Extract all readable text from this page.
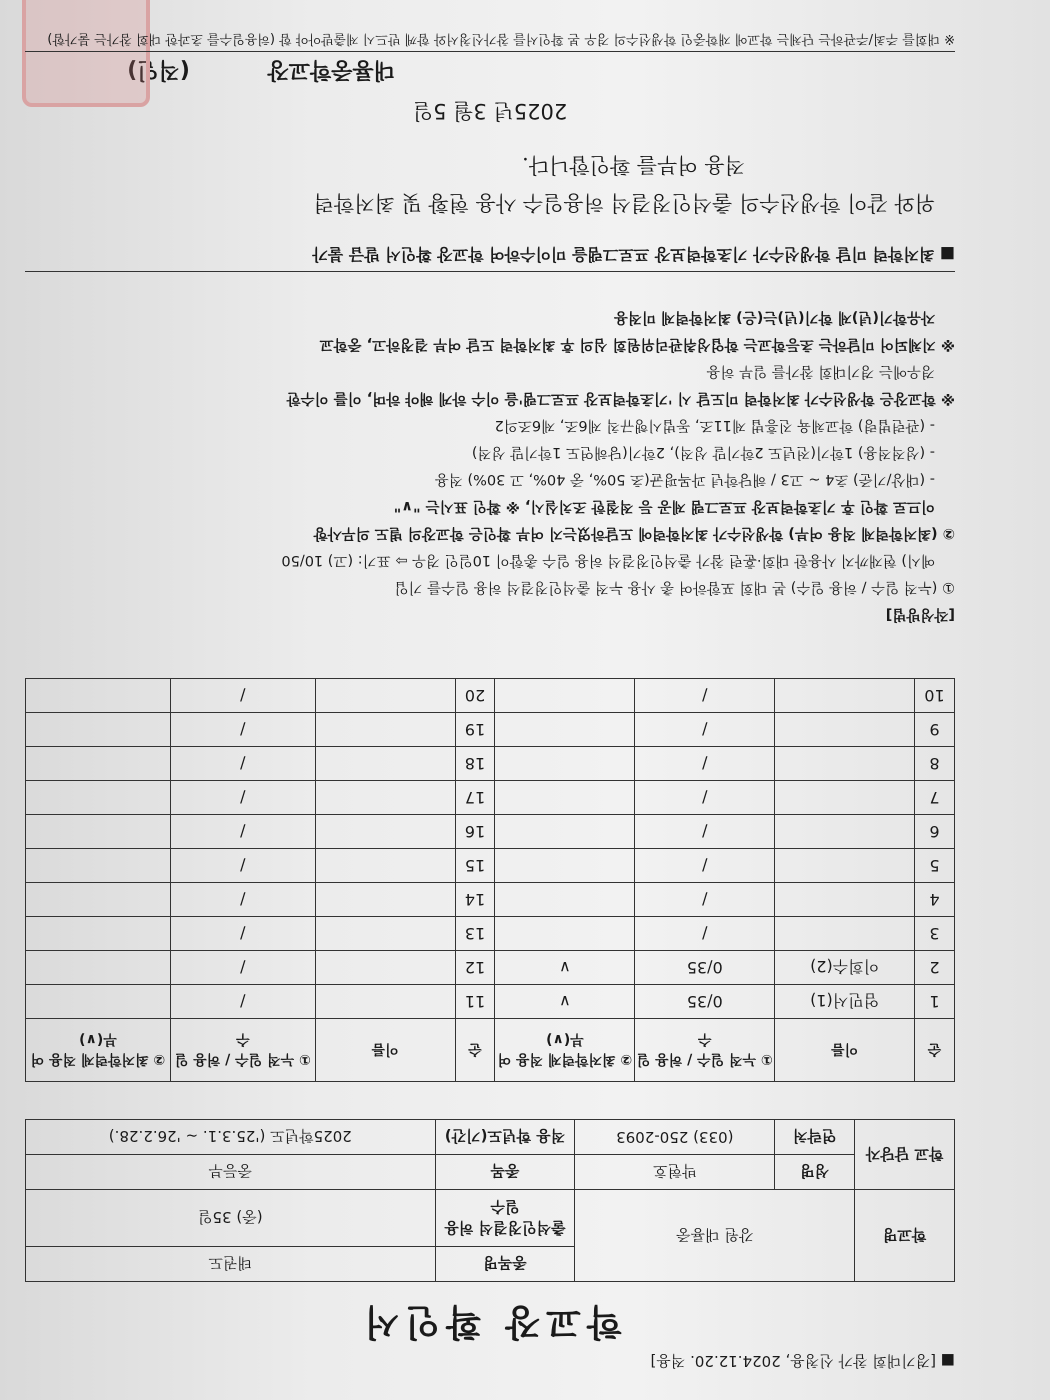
■ [경기대회 참가 신청용, 2024.12.20. 적용]
학교장 확인서
학교명	강원 대룡중		종목명	태권도
			출석인정결석 허용 일수	(중) 35일
학교 담당자	성명	박현호	종목	중등부
	연락처	(033) 250-2093	적용 학년도(기간)	2025학년도 ('25.3.1. ~ '26.2.28.)
순	이름	① 누적 일수 / 허용 일수	② 최저학력제 적용 여부(∨)	순	이름	① 누적 일수 / 허용 일수	② 최저학력제 적용 여부(∨)
1	엄민서(1)	0/35	∨	11		/	
2	이희수(2)	0/35	∨	12		/	
3		/		13		/	
4		/		14		/	
5		/		15		/	
6		/		16		/	
7		/		17		/	
8		/		18		/	
9		/		19		/	
10		/		20		/	

[작성방법]

① (누적 일수 / 허용 일수) 본 대회 포함하여 총 사용 누적 출석인정결석 허용 일수를 기입

예시) 현재까지 사용한 대회·훈련 참가 출석인정결석 허용 일수 총합이 10일인 경우 ⇨ 표기: (고) 10/50

② (최저학력제 적용 여부) 학생선수가 최저학력에 도달하였는지 여부 확인은 학교장의 별도 의무사항

이므로 확인 후 기초학력보장 프로그램 제공 등 적절한 조치실시, ※ 확인 표시는 "∨"

- (대상/기준) 초4 ~ 고3 / 해당학년 과목평균(초 50%, 중 40%, 고 30%) 적용

- (성적적용) 1학기(전년도 2학기말 성적), 2학기(당해연도 1학기말 성적)

- (관련법령) 학교체육 진흥법 제11조, 동법시행규칙 제6조, 제6조의2

※ 학교장은 학생선수가 최저학력 미도달 시 '기초학력보장 프로그램'을 이수 하게 해야 하며, 이를 이수한

경우에는 경기대회 참가를 일부 허용

※ 지체되어 미달하는 초등학교는 학업성취관리위원회 심의 후 최저학력 도달 여부 결정하고, 중학교

자유학기(년)제 학기(년)는(은) 최저학력제 미적용

■ 최저학력 미달 학생선수가 기초학력보장 프로그램을 미이수하여 학교장 확인서 발급 불가
위와 같이 학생선수의 출석인정결석 허용일수 사용 현황 및 최저학력
적용 여부를 확인합니다.
2025년 3월 5일
대룡중학교장 (직인)
※ 대회를 주최/주관하는 단체는 학교에 재학중인 학생선수의 경우 본 확인서를 참가신청서와 함께 반드시 제출받아야 함 (허용일수를 초과한 대회 참가는 불가함)
